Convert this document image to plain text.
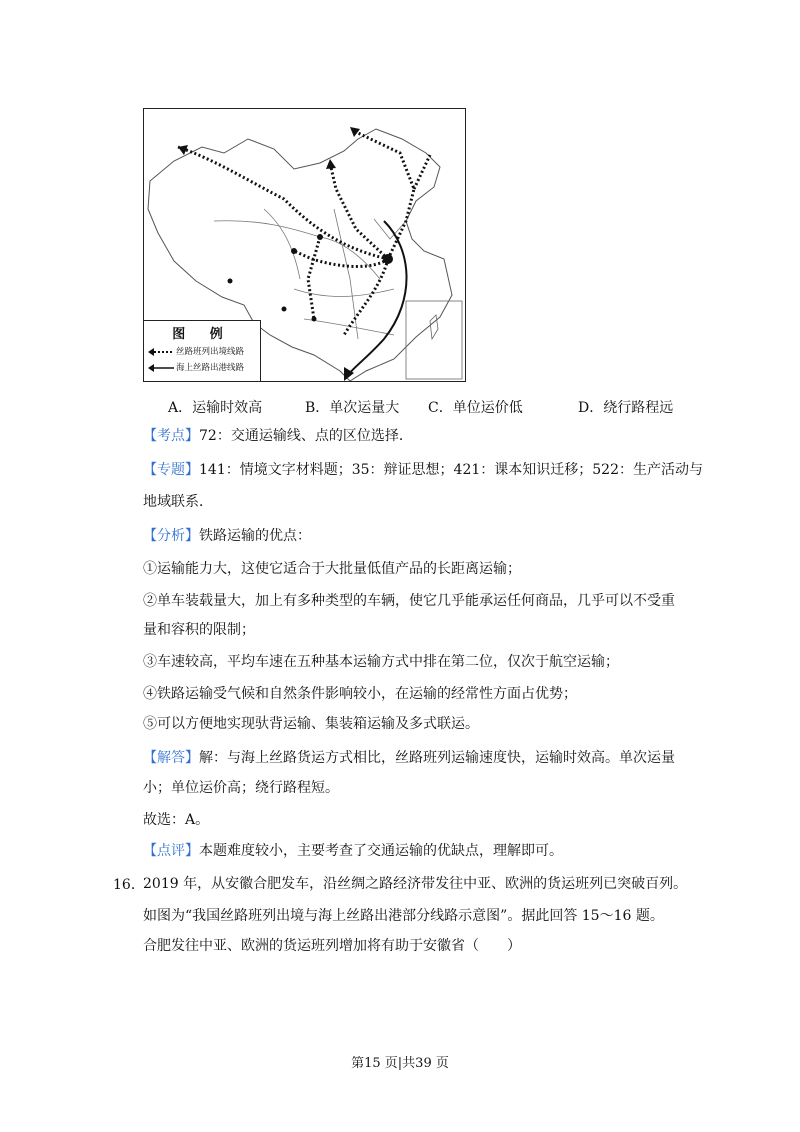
图 例
丝路班列出境线路
海上丝路出港线路
A．运输时效高	B．单次运量大 C．单位运价低	D．绕行路程远
【考点】72：交通运输线、点的区位选择．
【专题】141：情境文字材料题；35：辩证思想；421：课本知识迁移；522：生产活动与
地域联系．
【分析】铁路运输的优点：
①运输能力大，这使它适合于大批量低值产品的长距离运输；
②单车装载量大，加上有多种类型的车辆，使它几乎能承运任何商品，几乎可以不受重
量和容积的限制；
③车速较高，平均车速在五种基本运输方式中排在第二位，仅次于航空运输；
④铁路运输受气候和自然条件影响较小，在运输的经常性方面占优势；
⑤可以方便地实现驮背运输、集装箱运输及多式联运。
【解答】解：与海上丝路货运方式相比，丝路班列运输速度快，运输时效高。单次运量
小；单位运价高；绕行路程短。
故选：A。
【点评】本题难度较小，主要考查了交通运输的优缺点，理解即可。
16．
2019 年，从安徽合肥发车，沿丝绸之路经济带发往中亚、欧洲的货运班列已突破百列。
如图为“我国丝路班列出境与海上丝路出港部分线路示意图”。据此回答 15～16 题。
合肥发往中亚、欧洲的货运班列增加将有助于安徽省（　　）
第15 页|共39 页
